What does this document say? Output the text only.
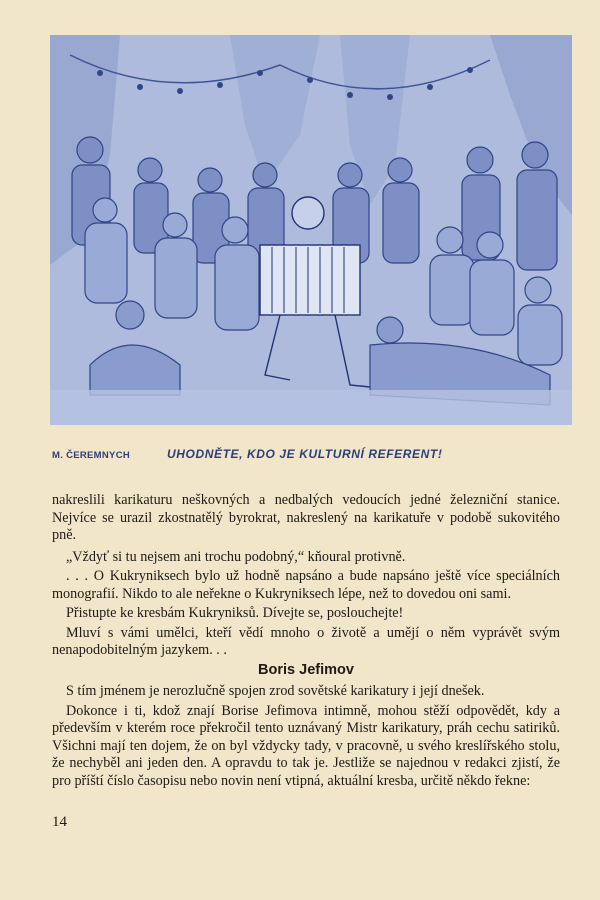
M. ČEREMNYCH	UHODNĚTE, KDO JE KULTURNÍ REFERENT!

nakreslili karikaturu neškovných a nedbalých vedoucích jedné železniční stanice. Nejvíce se urazil zkostnatělý byrokrat, nakreslený na karikatuře v podobě sukovitého pně.

„Vždyť si tu nejsem ani trochu podobný,“ kňoural protivně.

. . . O Kukryniksech bylo už hodně napsáno a bude napsáno ještě více speciálních monografií. Nikdo to ale neřekne o Kukryniksech lépe, než to dovedou oni sami.

Přistupte ke kresbám Kukryniksů. Dívejte se, poslouchejte!

Mluví s vámi umělci, kteří vědí mnoho o životě a umějí o něm vyprávět svým nenapodobitelným jazykem. . .

Boris Jefimov

S tím jménem je nerozlučně spojen zrod sovětské karikatury i její dnešek.

Dokonce i ti, kdož znají Borise Jefimova intimně, mohou stěží odpovědět, kdy a především v kterém roce překročil tento uznávaný Mistr karikatury, práh cechu satiriků. Všichni mají ten dojem, že on byl vždycky tady, v pracovně, u svého kreslířského stolu, že nechyběl ani jeden den. A opravdu to tak je. Jestliže se najednou v redakci zjistí, že pro příští číslo časopisu nebo novin není vtipná, aktuální kresba, určitě někdo řekne:

14
